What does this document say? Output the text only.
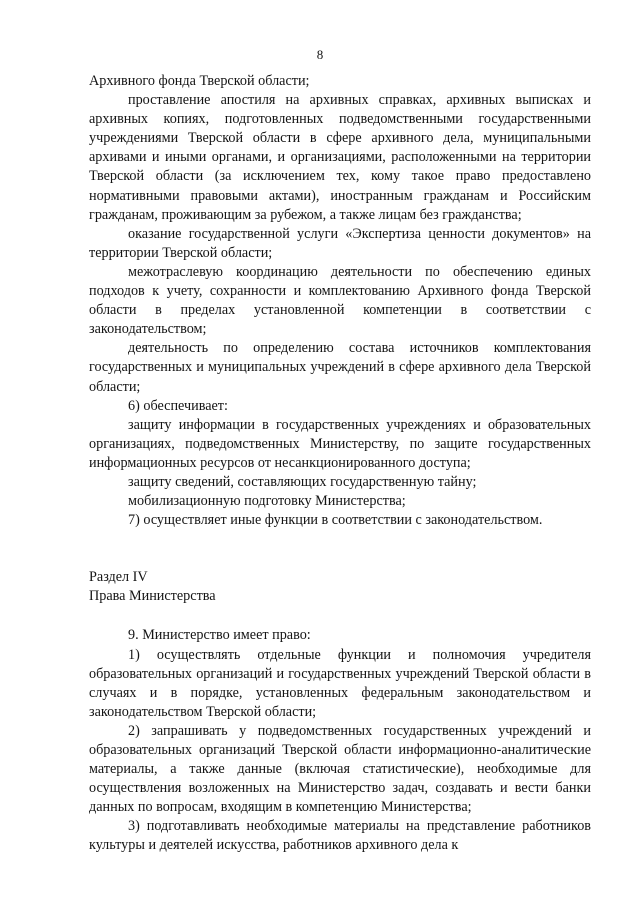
8

Архивного фонда Тверской области;

проставление апостиля на архивных справках, архивных выписках и архивных копиях, подготовленных подведомственными государственными учреждениями Тверской области в сфере архивного дела, муниципальными архивами и иными органами, и организациями, расположенными на территории Тверской области (за исключением тех, кому такое право предоставлено нормативными правовыми актами), иностранным гражданам и Российским гражданам, проживающим за рубежом, а также лицам без гражданства;

оказание государственной услуги «Экспертиза ценности документов» на территории Тверской области;

межотраслевую координацию деятельности по обеспечению единых подходов к учету, сохранности и комплектованию Архивного фонда Тверской области в пределах установленной компетенции в соответствии с законодательством;

деятельность по определению состава источников комплектования государственных и муниципальных учреждений в сфере архивного дела Тверской области;

6) обеспечивает:

защиту информации в государственных учреждениях и образовательных организациях, подведомственных Министерству, по защите государственных информационных ресурсов от несанкционированного доступа;

защиту сведений, составляющих государственную тайну;

мобилизационную подготовку Министерства;

7) осуществляет иные функции в соответствии с законодательством.

Раздел IV

Права Министерства

9. Министерство имеет право:

1) осуществлять отдельные функции и полномочия учредителя образовательных организаций и государственных учреждений Тверской области в случаях и в порядке, установленных федеральным законодательством и законодательством Тверской области;

2) запрашивать у подведомственных государственных учреждений и образовательных организаций Тверской области информационно-аналитические материалы, а также данные (включая статистические), необходимые для осуществления возложенных на Министерство задач, создавать и вести банки данных по вопросам, входящим в компетенцию Министерства;

3) подготавливать необходимые материалы на представление работников культуры и деятелей искусства, работников архивного дела к
